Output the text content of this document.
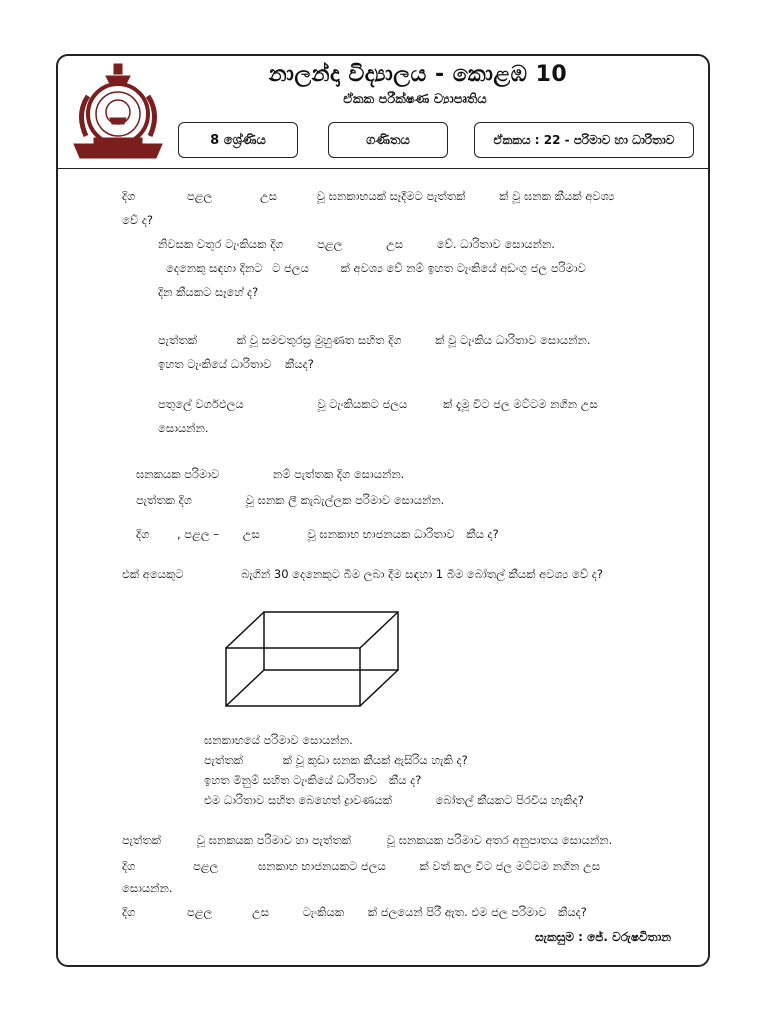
නාලන්දා විද්‍යාලය - කොළඹ 10
ඒකක පරීක්ෂණ ව්‍යාපෘතිය
8 ශ්‍රේණිය	ගණිතය	ඒකකය : 22 - පරිමාව හා ධාරිතාව
දිග	පළල	උස	වූ ඝනකාභයක් සෑදීමට පැත්තක්	ක් වූ ඝනක කීයක් අවශ්‍ය
වේ ද?
නිවසක වතුර ටැංකියක දිග	පළල	උස	වේ. ධාරිතාව සොයන්න.
දෙනෙකු සඳහා දිනට ට ජලය	ක් අවශ්‍ය වේ නම් ඉහත ටැංකියේ අඩංගු ජල පරිමාව
දින කීයකට සෑහේ ද?
පැත්තක්	ක් වූ සමචතුරස්‍ර මුහුණත සහිත දිග	ක් වූ ටැංකිය ධාරිතාව සොයන්න.
ඉහත ටැංකියේ ධාරිතාව කීයද?
පතුලේ වර්ගඵලය	වූ ටැංකියකට ජලය	ක් දැමූ විට ජල මට්ටම නගින උස
සොයන්න.
ඝනකයක පරිමාව	නම් පැත්තක දිග සොයන්න.
පැත්තක දිග	වූ ඝනක ලී කැබැල්ලක පරිමාව සොයන්න.
දිග , පළල – උස	වූ ඝනකාභ භාජනයක ධාරිතාව කීය ද?
එක් අයෙකුට	බැගින් 30 දෙනෙකුට බීම ලබා දීම සඳහා 1 බීම බෝතල් කීයක් අවශ්‍ය වේ ද?
ඝනකාභයේ පරිමාව සොයන්න.
පැත්තක්	ක් වූ කුඩා ඝනක කීයක් ඇසිරිය හැකි ද?
ඉහත මිනුම් සහිත ටැංකියේ ධාරිතාව කීය ද?
එම ධාරිතාව සහිත බෙහෙත් ද්‍රාවණයක්	බෝතල් කීයකට පිරවිය හැකිද?
පැත්තක්	වූ ඝනකයක පරිමාව හා පැත්තක්	වූ ඝනකයක පරිමාව අතර අනුපාතය සොයන්න.
දිග	පළල	ඝනකාභ භාජනයකට ජලය	ක් වත් කල විට ජල මට්ටම නගින උස
සොයන්න.
දිග	පළල	උස	ටැංකියක ක් ජලයෙන් පිරී ඇත. එම ජල පරිමාව කීයද?
සැකසුම : ජේ. වරුෂවිතාන
